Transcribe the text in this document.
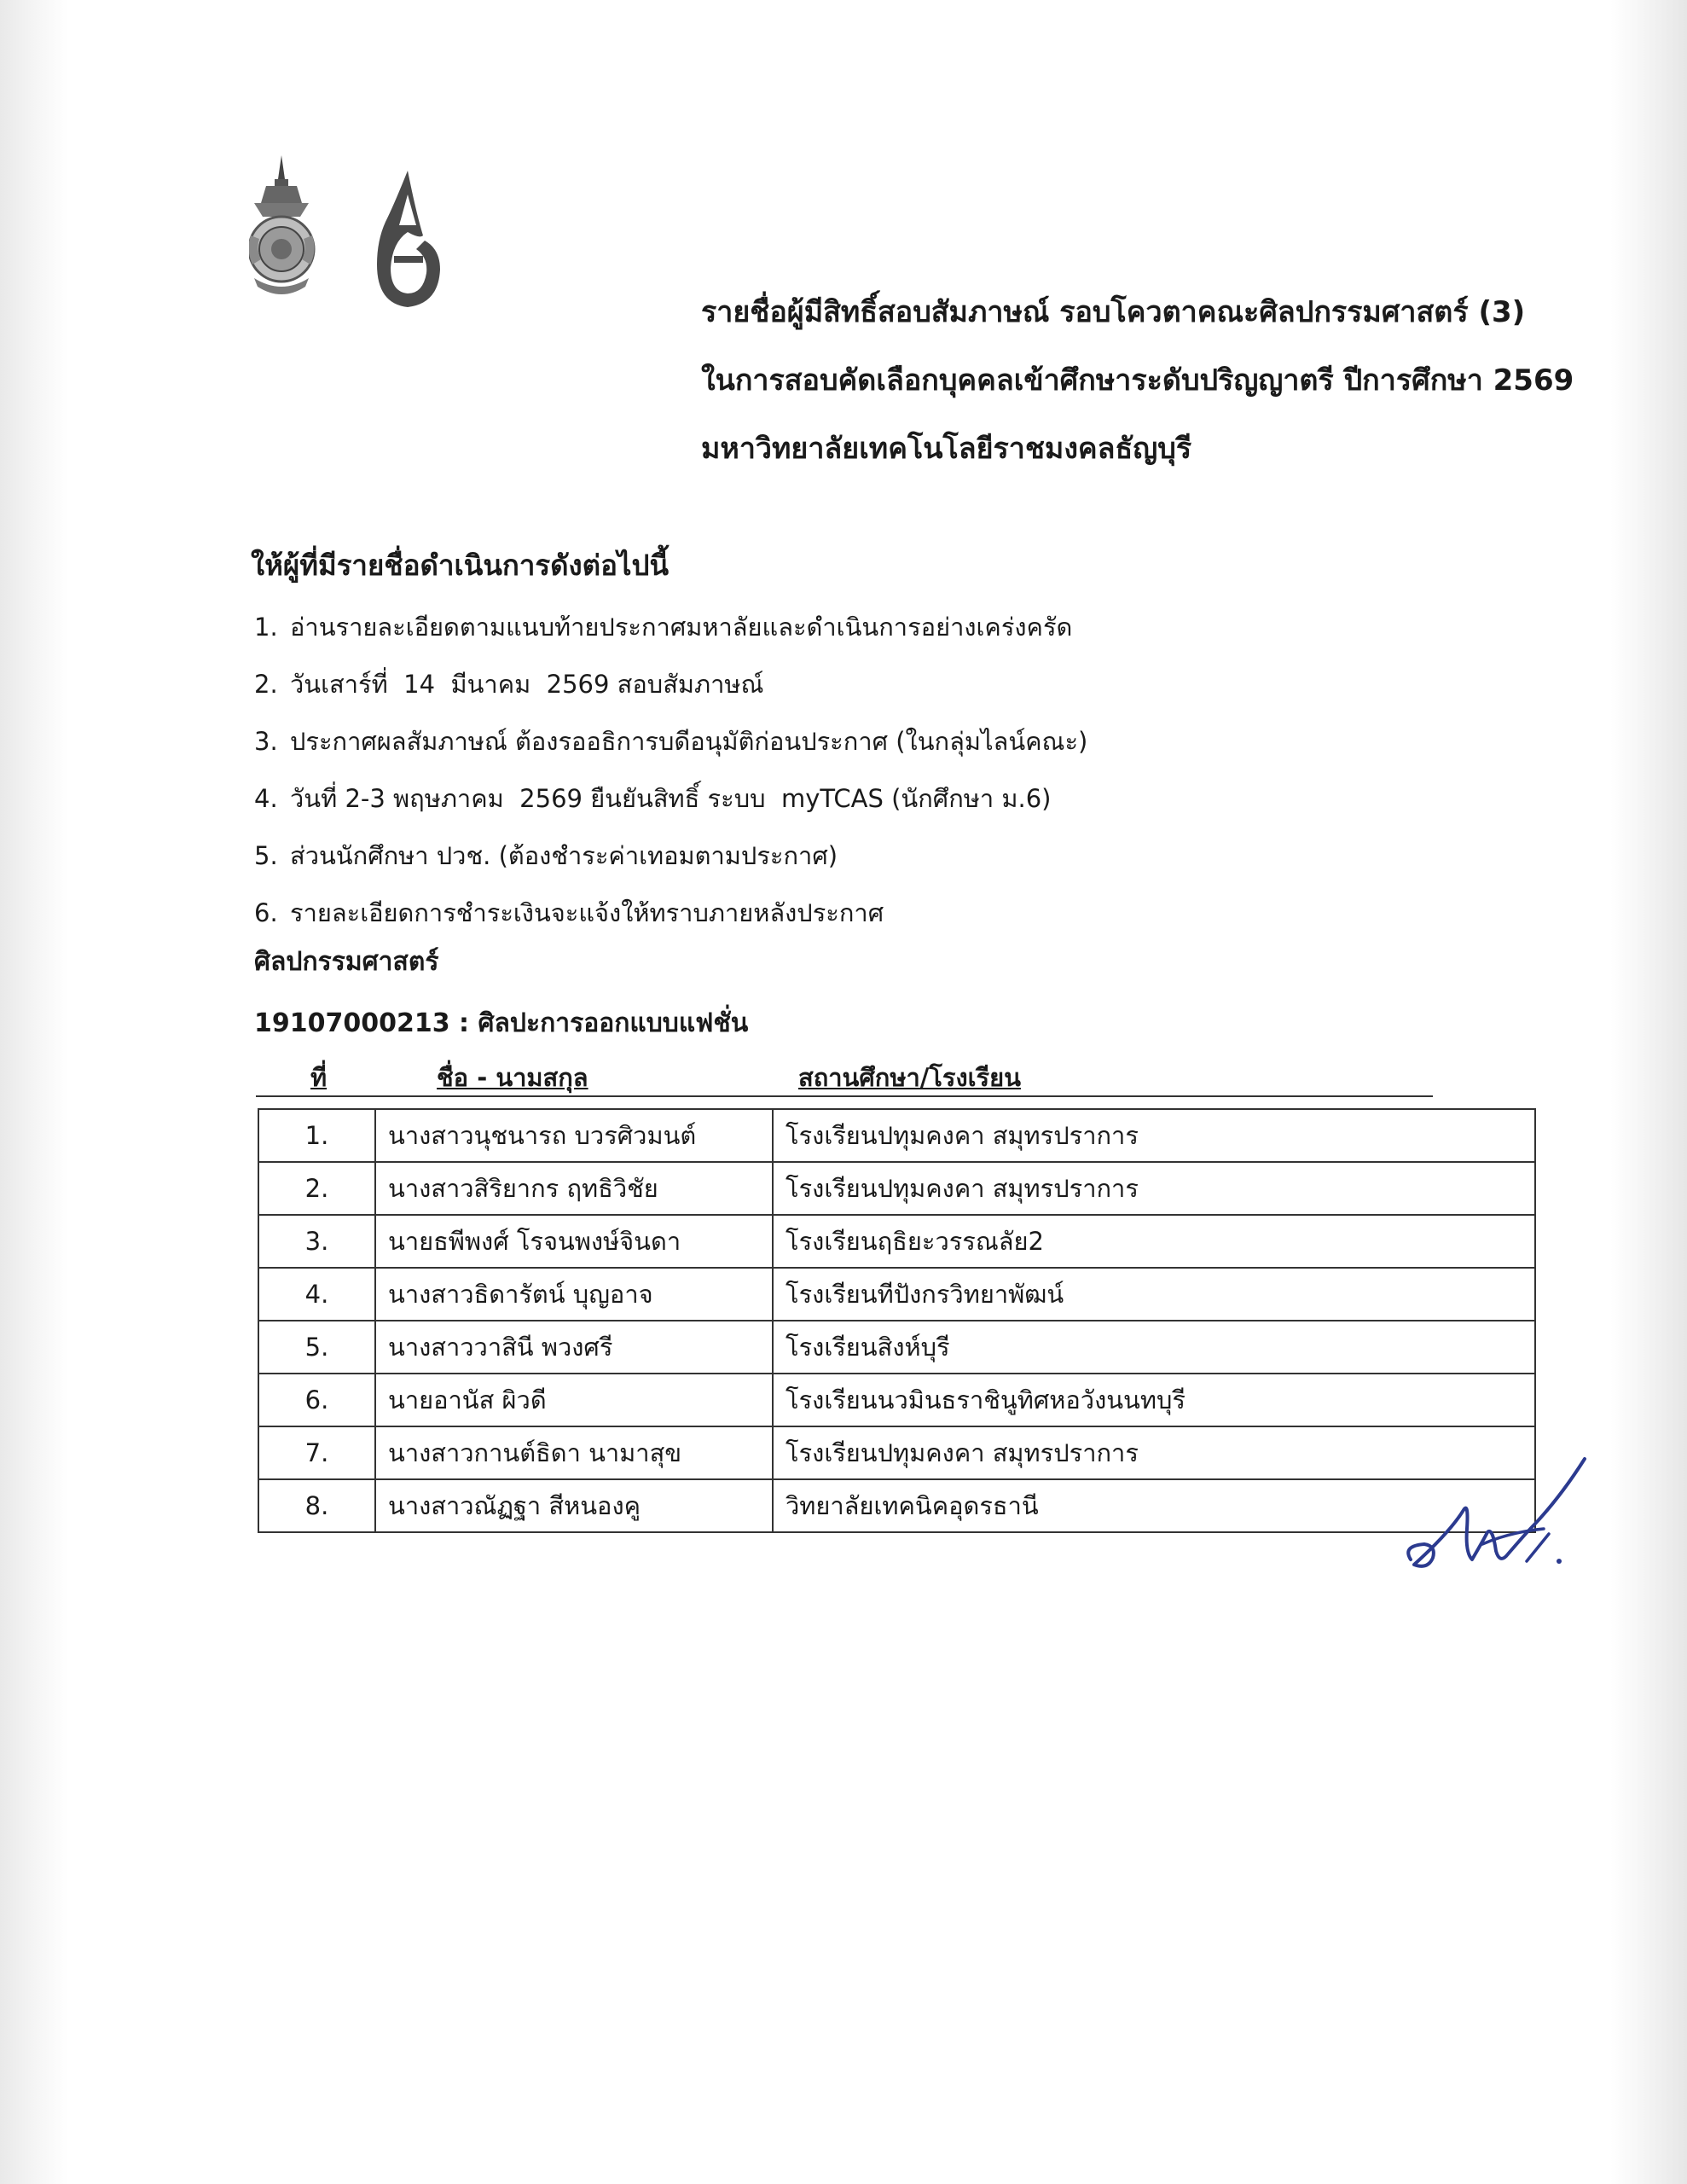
รายชื่อผู้มีสิทธิ์สอบสัมภาษณ์ รอบโควตาคณะศิลปกรรมศาสตร์ (3)
ในการสอบคัดเลือกบุคคลเข้าศึกษาระดับปริญญาตรี ปีการศึกษา 2569
มหาวิทยาลัยเทคโนโลยีราชมงคลธัญบุรี
ให้ผู้ที่มีรายชื่อดำเนินการดังต่อไปนี้
1. อ่านรายละเอียดตามแนบท้ายประกาศมหาลัยและดำเนินการอย่างเคร่งครัด
2. วันเสาร์ที่  14  มีนาคม  2569 สอบสัมภาษณ์
3. ประกาศผลสัมภาษณ์ ต้องรออธิการบดีอนุมัติก่อนประกาศ (ในกลุ่มไลน์คณะ)
4. วันที่ 2-3 พฤษภาคม  2569 ยืนยันสิทธิ์ ระบบ  myTCAS (นักศึกษา ม.6)
5. ส่วนนักศึกษา ปวช. (ต้องชำระค่าเทอมตามประกาศ)
6. รายละเอียดการชำระเงินจะแจ้งให้ทราบภายหลังประกาศ
ศิลปกรรมศาสตร์
19107000213 : ศิลปะการออกแบบแฟชั่น
ที่	ชื่อ - นามสกุล	สถานศึกษา/โรงเรียน
1.	นางสาวนุชนารถ บวรศิวมนต์	โรงเรียนปทุมคงคา สมุทรปราการ
2.	นางสาวสิริยากร ฤทธิวิชัย	โรงเรียนปทุมคงคา สมุทรปราการ
3.	นายธพีพงศ์ โรจนพงษ์จินดา	โรงเรียนฤธิยะวรรณลัย2
4.	นางสาวธิดารัตน์ บุญอาจ	โรงเรียนทีปังกรวิทยาพัฒน์
5.	นางสาววาสินี พวงศรี	โรงเรียนสิงห์บุรี
6.	นายอานัส ผิวดี	โรงเรียนนวมินธราชินูทิศหอวังนนทบุรี
7.	นางสาวกานต์ธิดา นามาสุข	โรงเรียนปทุมคงคา สมุทรปราการ
8.	นางสาวณัฏฐา สีหนองคู	วิทยาลัยเทคนิคอุดรธานี
